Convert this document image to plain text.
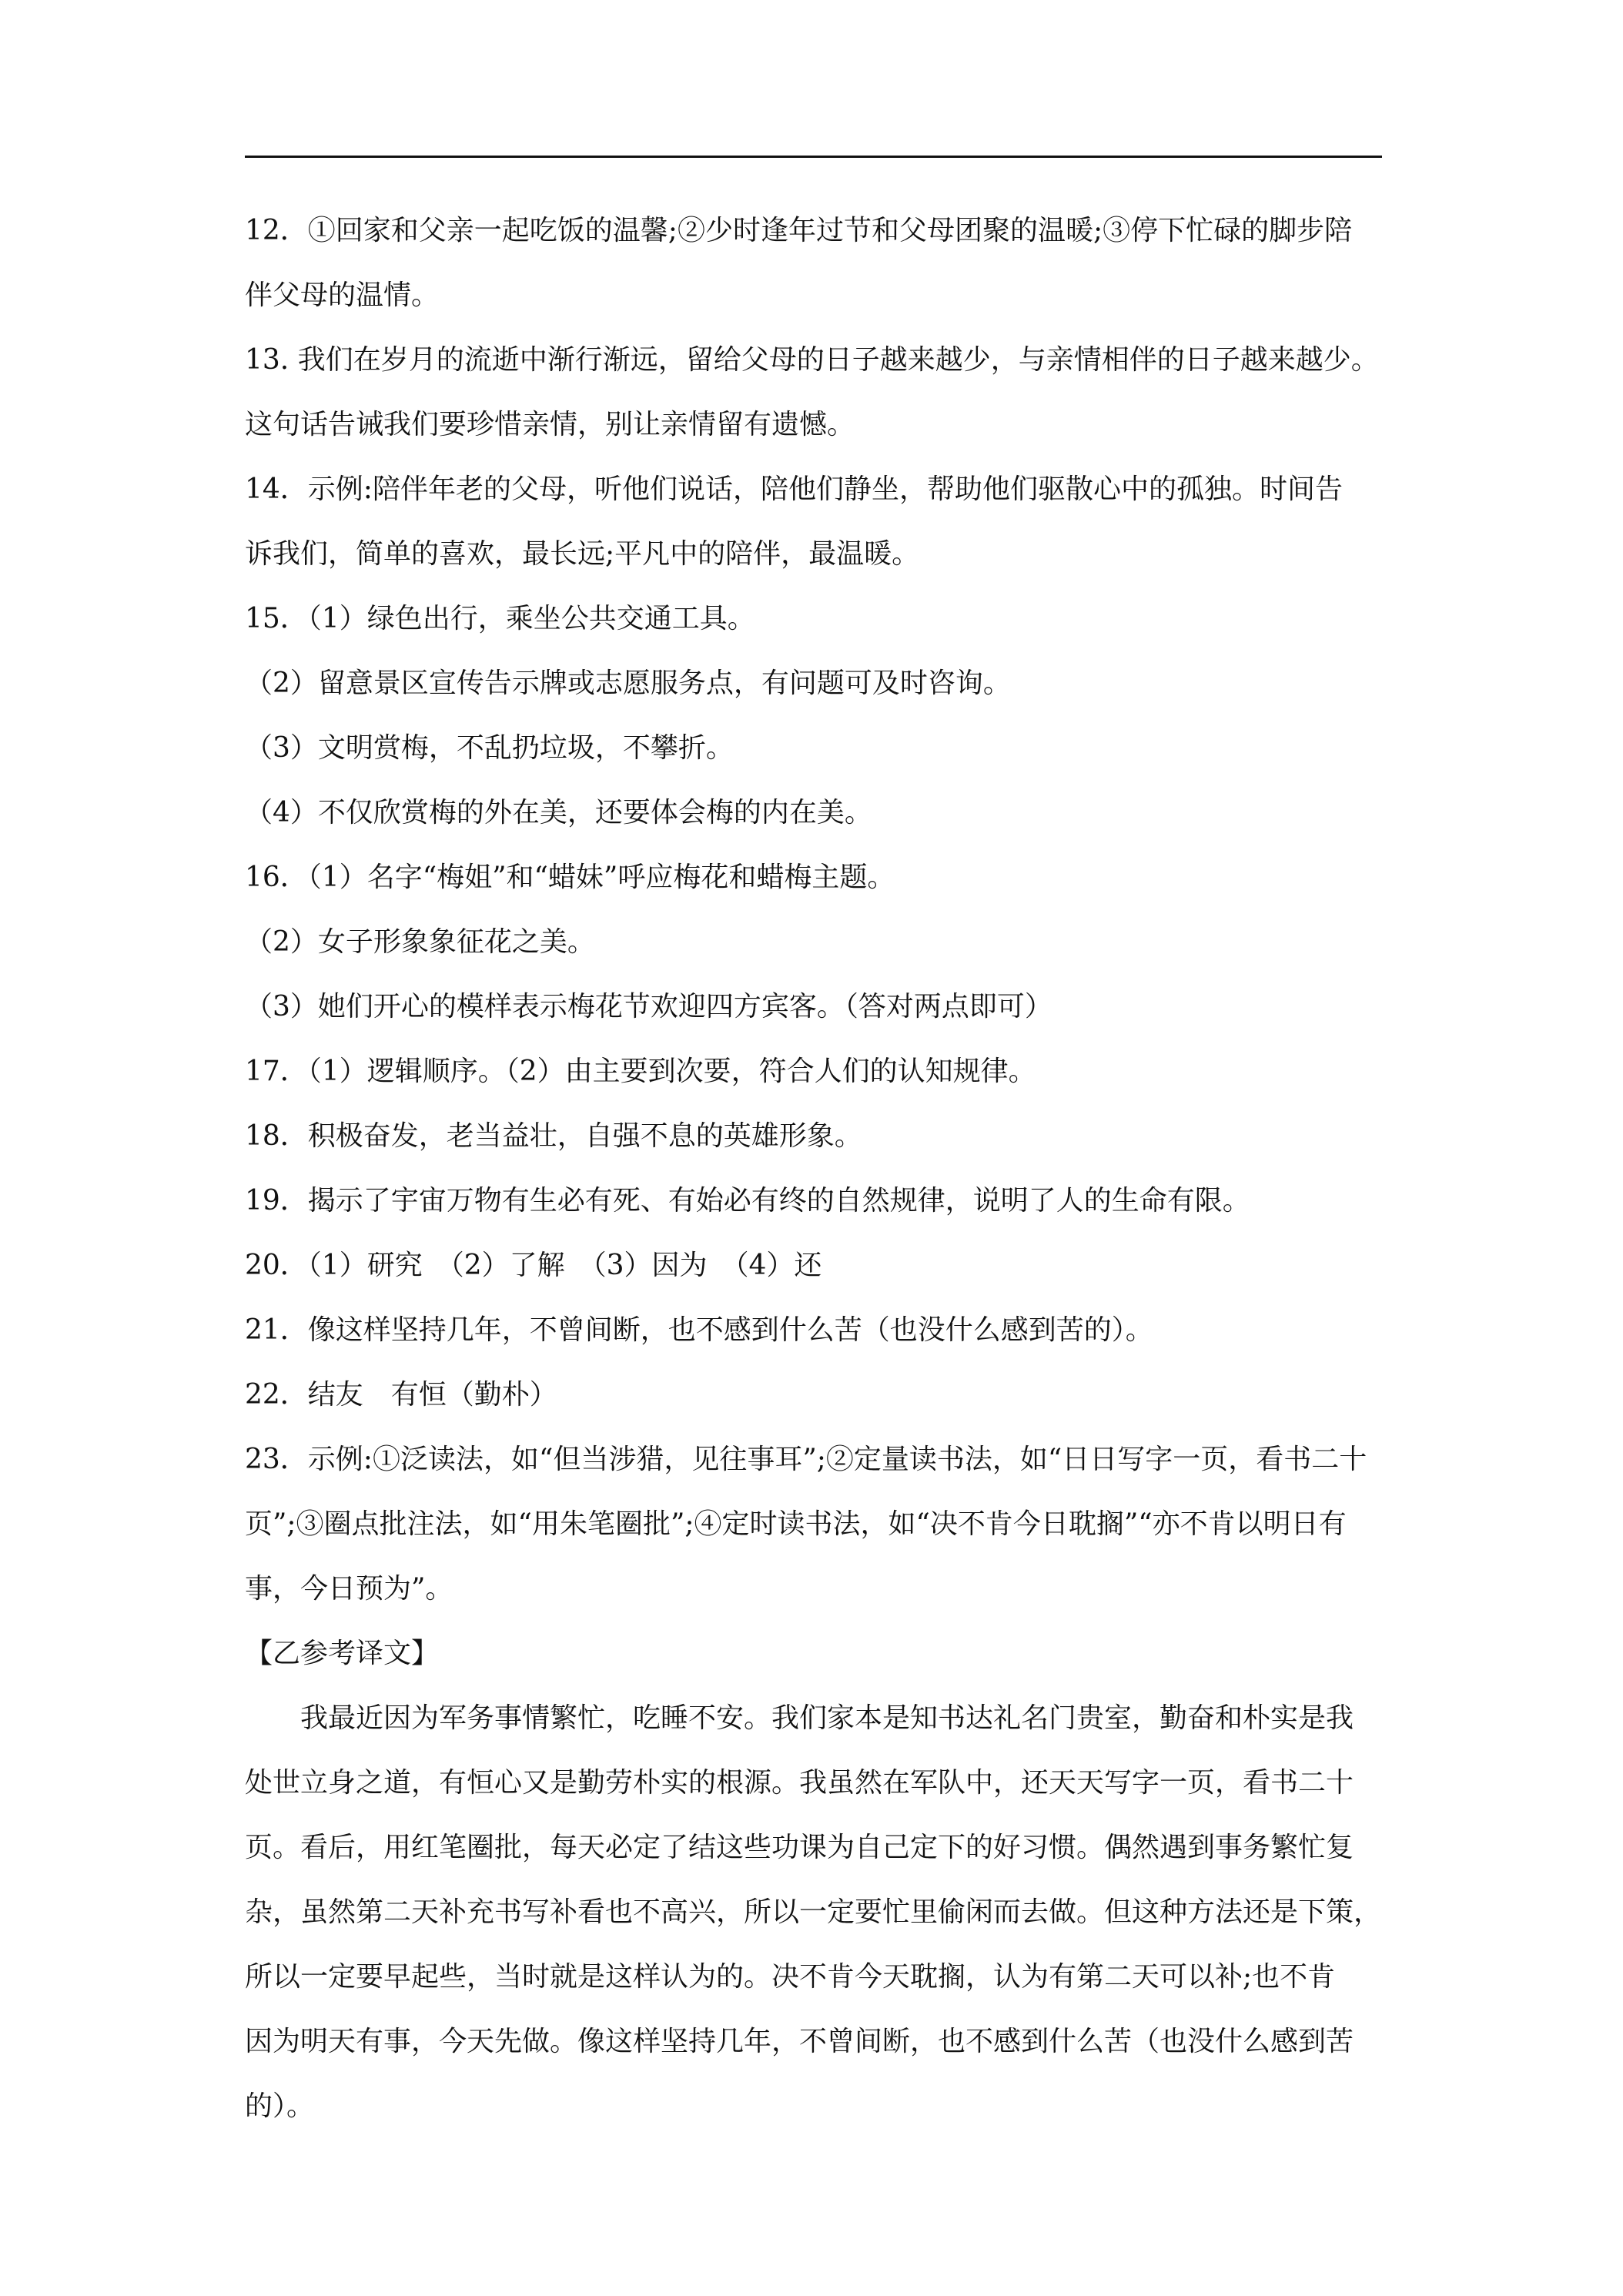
12．①回家和父亲一起吃饭的温馨;②少时逢年过节和父母团聚的温暖;③停下忙碌的脚步陪
伴父母的温情。
13. 我们在岁月的流逝中渐行渐远，留给父母的日子越来越少，与亲情相伴的日子越来越少。
这句话告诫我们要珍惜亲情，别让亲情留有遗憾。
14．示例:陪伴年老的父母，听他们说话，陪他们静坐，帮助他们驱散心中的孤独。时间告
诉我们，简单的喜欢，最长远;平凡中的陪伴，最温暖。
15．（1）绿色出行，乘坐公共交通工具。
（2）留意景区宣传告示牌或志愿服务点，有问题可及时咨询。
（3）文明赏梅，不乱扔垃圾，不攀折。
（4）不仅欣赏梅的外在美，还要体会梅的内在美。
16．（1）名字“梅姐”和“蜡妹”呼应梅花和蜡梅主题。
（2）女子形象象征花之美。
（3）她们开心的模样表示梅花节欢迎四方宾客。（答对两点即可）
17．（1）逻辑顺序。（2）由主要到次要，符合人们的认知规律。
18．积极奋发，老当益壮，自强不息的英雄形象。
19．揭示了宇宙万物有生必有死、有始必有终的自然规律，说明了人的生命有限。
20．（1）研究　（2）了解　（3）因为　（4）还
21．像这样坚持几年，不曾间断，也不感到什么苦（也没什么感到苦的）。
22．结友　有恒（勤朴）
23．示例:①泛读法，如“但当涉猎，见往事耳”;②定量读书法，如“日日写字一页，看书二十
页”;③圈点批注法，如“用朱笔圈批”;④定时读书法，如“决不肯今日耽搁”“亦不肯以明日有
事，今日预为”。
【乙参考译文】
我最近因为军务事情繁忙，吃睡不安。我们家本是知书达礼名门贵室，勤奋和朴实是我
处世立身之道，有恒心又是勤劳朴实的根源。我虽然在军队中，还天天写字一页，看书二十
页。看后，用红笔圈批，每天必定了结这些功课为自己定下的好习惯。偶然遇到事务繁忙复
杂，虽然第二天补充书写补看也不高兴，所以一定要忙里偷闲而去做。但这种方法还是下策，
所以一定要早起些，当时就是这样认为的。决不肯今天耽搁，认为有第二天可以补;也不肯
因为明天有事，今天先做。像这样坚持几年，不曾间断，也不感到什么苦（也没什么感到苦
的）。
